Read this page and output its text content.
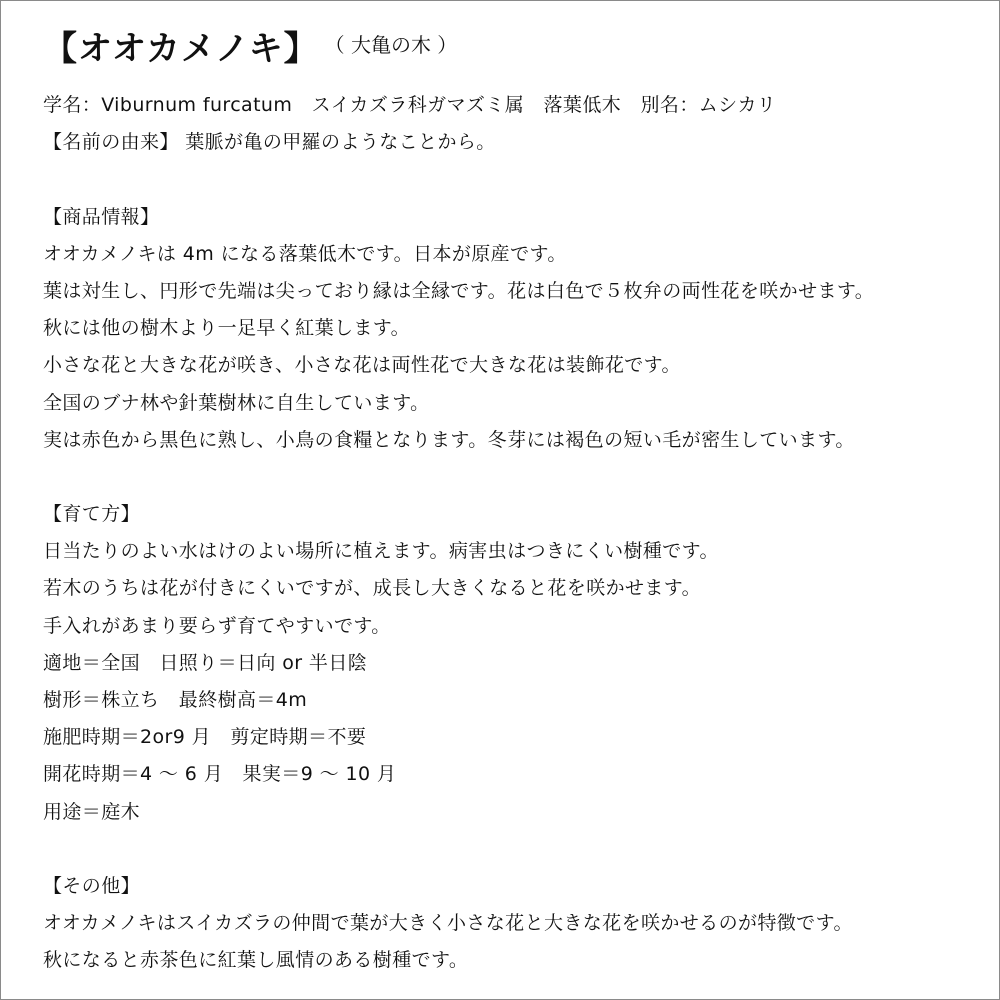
【オオカメノキ】 （ 大亀の木 ）
学名：Viburnum furcatum　スイカズラ科ガマズミ属　落葉低木　別名：ムシカリ
【名前の由来】 葉脈が亀の甲羅のようなことから。
【商品情報】
オオカメノキは 4m になる落葉低木です。日本が原産です。
葉は対生し、円形で先端は尖っており縁は全縁です。花は白色で５枚弁の両性花を咲かせます。
秋には他の樹木より一足早く紅葉します。
小さな花と大きな花が咲き、小さな花は両性花で大きな花は装飾花です。
全国のブナ林や針葉樹林に自生しています。
実は赤色から黒色に熟し、小鳥の食糧となります。冬芽には褐色の短い毛が密生しています。
【育て方】
日当たりのよい水はけのよい場所に植えます。病害虫はつきにくい樹種です。
若木のうちは花が付きにくいですが、成長し大きくなると花を咲かせます。
手入れがあまり要らず育てやすいです。
適地＝全国　日照り＝日向 or 半日陰
樹形＝株立ち　最終樹高＝4m
施肥時期＝2or9 月　剪定時期＝不要
開花時期＝4 ～ 6 月　果実＝9 ～ 10 月
用途＝庭木
【その他】
オオカメノキはスイカズラの仲間で葉が大きく小さな花と大きな花を咲かせるのが特徴です。
秋になると赤茶色に紅葉し風情のある樹種です。
